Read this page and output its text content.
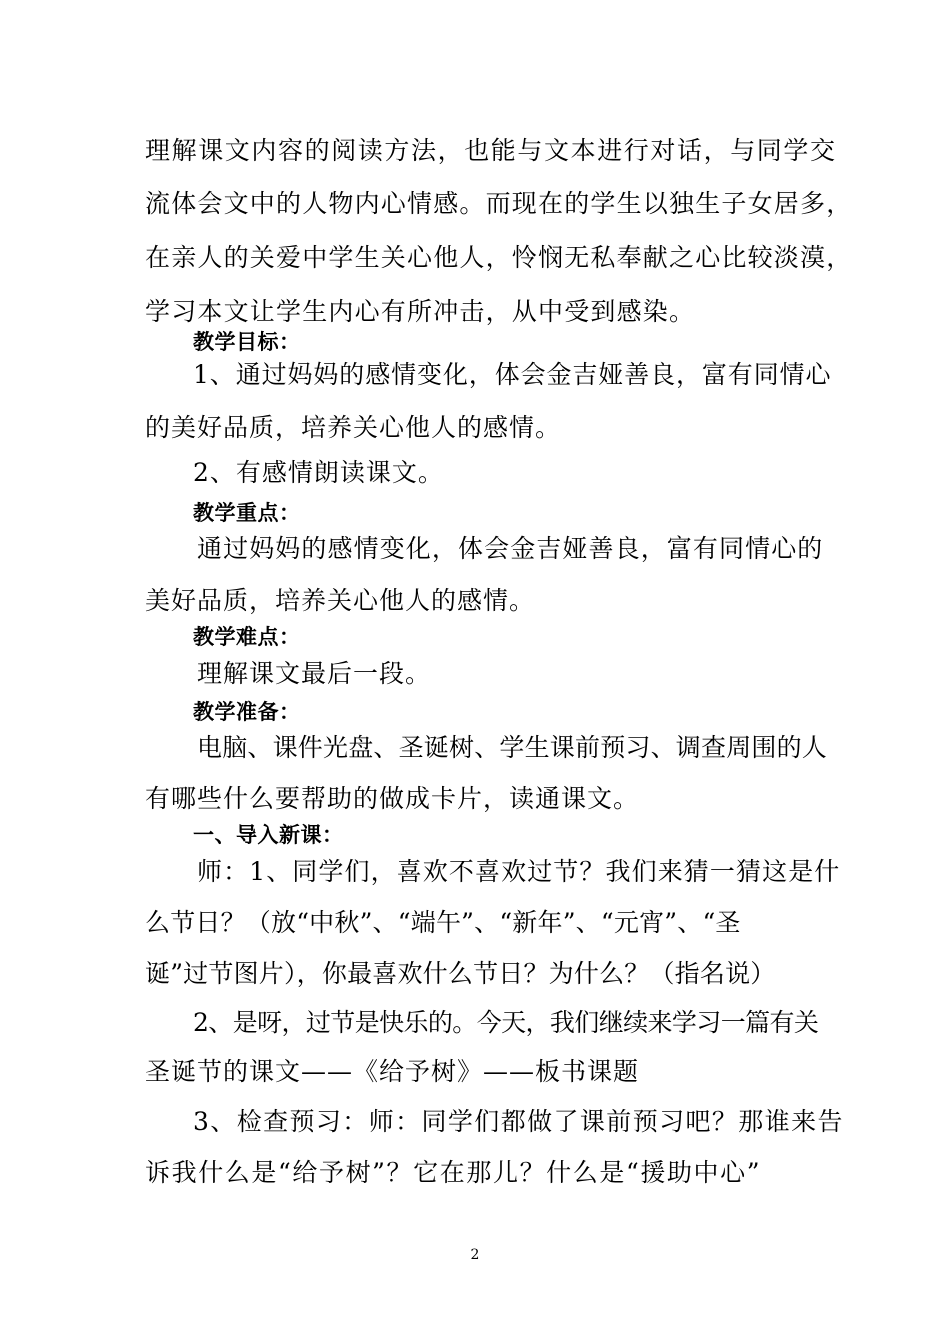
理解课文内容的阅读方法，也能与文本进行对话，与同学交
流体会文中的人物内心情感。而现在的学生以独生子女居多，
在亲人的关爱中学生关心他人，怜悯无私奉献之心比较淡漠，
学习本文让学生内心有所冲击，从中受到感染。
教学目标：
1、通过妈妈的感情变化，体会金吉娅善良，富有同情心
的美好品质，培养关心他人的感情。
2、有感情朗读课文。
教学重点：
通过妈妈的感情变化，体会金吉娅善良，富有同情心的
美好品质，培养关心他人的感情。
教学难点：
理解课文最后一段。
教学准备：
电脑、课件光盘、圣诞树、学生课前预习、调查周围的人
有哪些什么要帮助的做成卡片，读通课文。
一、导入新课：
师：1、同学们，喜欢不喜欢过节？我们来猜一猜这是什
么节日？（放“中秋”、“端午”、“新年”、“元宵”、“圣
诞”过节图片），你最喜欢什么节日？为什么？（指名说）
2、是呀，过节是快乐的。今天，我们继续来学习一篇有关
圣诞节的课文——《给予树》——板书课题
3、检查预习：师：同学们都做了课前预习吧？那谁来告
诉我什么是“给予树”？它在那儿？什么是“援助中心”
2
